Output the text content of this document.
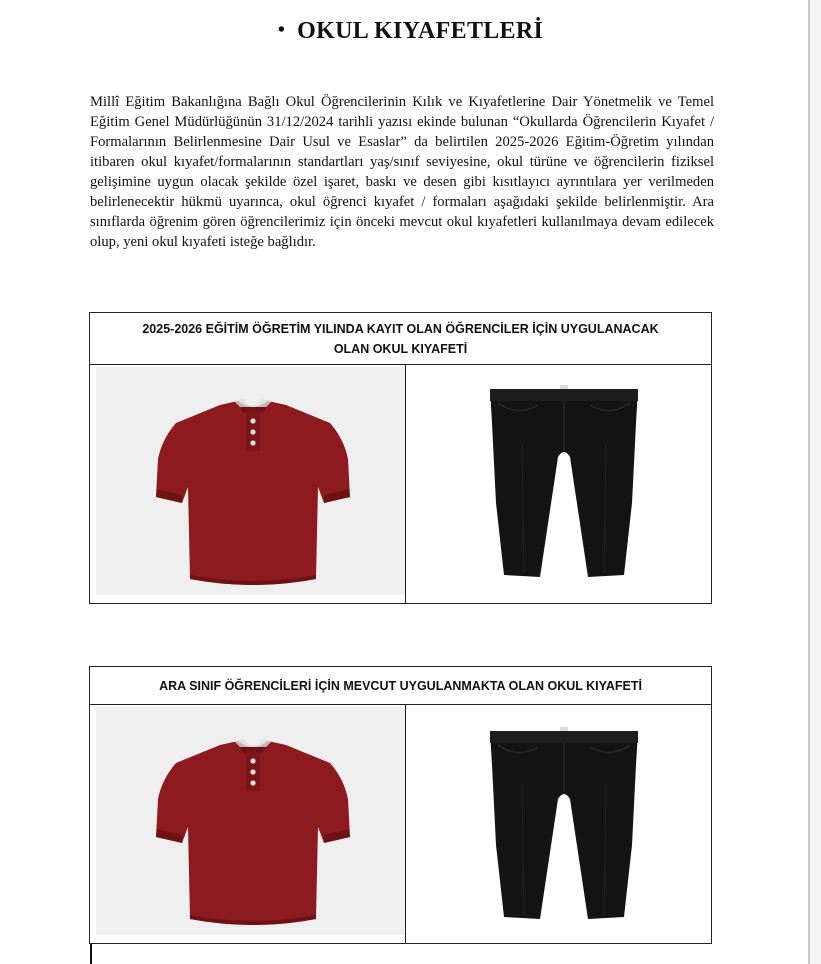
• OKUL KIYAFETLERİ
Millî Eğitim Bakanlığına Bağlı Okul Öğrencilerinin Kılık ve Kıyafetlerine Dair Yönetmelik ve Temel Eğitim Genel Müdürlüğünün 31/12/2024 tarihli yazısı ekinde bulunan “Okullarda Öğrencilerin Kıyafet / Formalarının Belirlenmesine Dair Usul ve Esaslar” da belirtilen 2025-2026 Eğitim-Öğretim yılından itibaren okul kıyafet/formalarının standartları yaş/sınıf seviyesine, okul türüne ve öğrencilerin fiziksel gelişimine uygun olacak şekilde özel işaret, baskı ve desen gibi kısıtlayıcı ayrıntılara yer verilmeden belirlenecektir hükmü uyarınca, okul öğrenci kıyafet / formaları aşağıdaki şekilde belirlenmiştir. Ara sınıflarda öğrenim gören öğrencilerimiz için önceki mevcut okul kıyafetleri kullanılmaya devam edilecek olup, yeni okul kıyafeti isteğe bağlıdır.
2025-2026 EĞİTİM ÖĞRETİM YILINDA KAYIT OLAN ÖĞRENCİLER İÇİN UYGULANACAK OLAN OKUL KIYAFETİ
ARA SINIF ÖĞRENCİLERİ İÇİN MEVCUT UYGULANMAKTA OLAN OKUL KIYAFETİ
